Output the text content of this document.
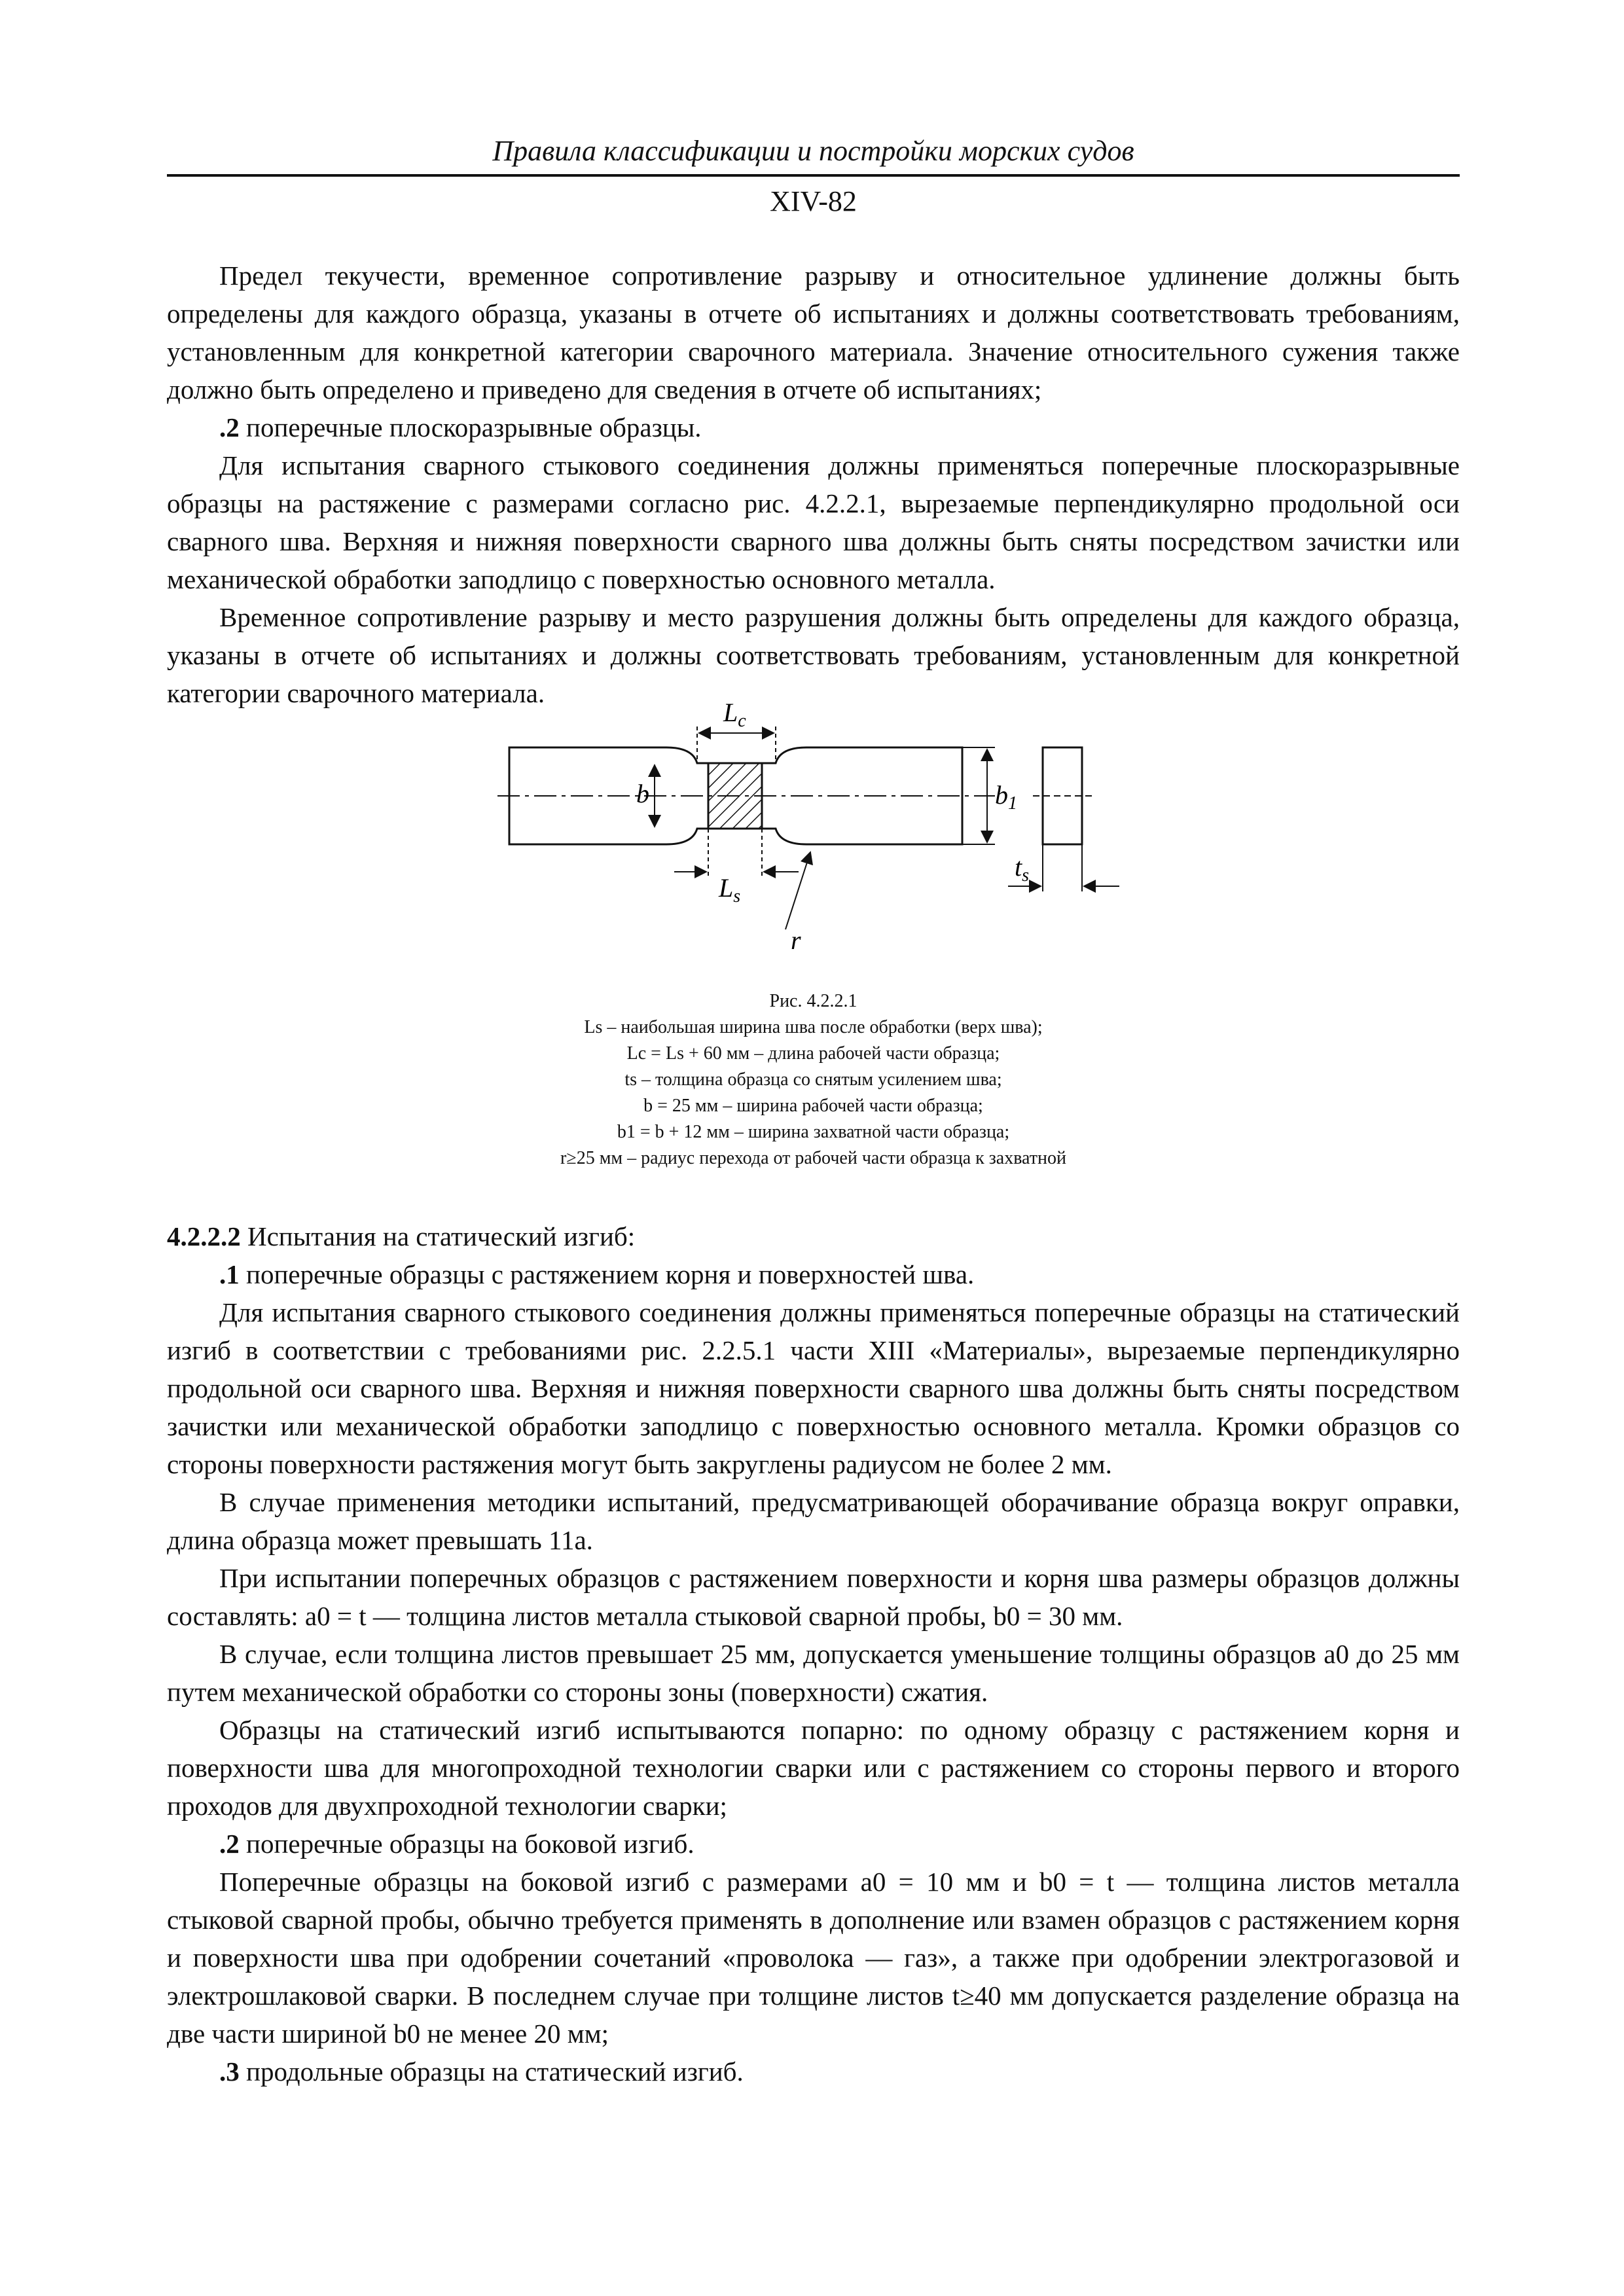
Правила классификации и постройки морских судов
XIV-82

Предел текучести, временное сопротивление разрыву и относительное удлинение должны быть определены для каждого образца, указаны в отчете об испытаниях и должны соответствовать требованиям, установленным для конкретной категории сварочного материала. Значение относительного сужения также должно быть определено и приведено для сведения в отчете об испытаниях;

.2 поперечные плоскоразрывные образцы.

Для испытания сварного стыкового соединения должны применяться поперечные плоскоразрывные образцы на растяжение с размерами согласно рис. 4.2.2.1, вырезаемые перпендикулярно продольной оси сварного шва. Верхняя и нижняя поверхности сварного шва должны быть сняты посредством зачистки или механической обработки заподлицо с поверхностью основного металла.

Временное сопротивление разрыву и место разрушения должны быть определены для каждого образца, указаны в отчете об испытаниях и должны соответствовать требованиям, установленным для конкретной категории сварочного материала.

$L_c$
$L_s$
b	$b_1$
r
$t_s$
Рис. 4.2.2.1
Ls – наибольшая ширина шва после обработки (верх шва);
Lc = Ls + 60 мм – длина рабочей части образца;
ts – толщина образца со снятым усилением шва;
b = 25 мм – ширина рабочей части образца;
b1 = b + 12 мм – ширина захватной части образца;
r≥25 мм – радиус перехода от рабочей части образца к захватной

4.2.2.2 Испытания на статический изгиб:

.1 поперечные образцы с растяжением корня и поверхностей шва.

Для испытания сварного стыкового соединения должны применяться поперечные образцы на статический изгиб в соответствии с требованиями рис. 2.2.5.1 части XIII «Материалы», вырезаемые перпендикулярно продольной оси сварного шва. Верхняя и нижняя поверхности сварного шва должны быть сняты посредством зачистки или механической обработки заподлицо с поверхностью основного металла. Кромки образцов со стороны поверхности растяжения могут быть закруглены радиусом не более 2 мм.

В случае применения методики испытаний, предусматривающей оборачивание образца вокруг оправки, длина образца может превышать 11а.

При испытании поперечных образцов с растяжением поверхности и корня шва размеры образцов должны составлять: а0 = t — толщина листов металла стыковой сварной пробы, b0 = 30 мм.

В случае, если толщина листов превышает 25 мм, допускается уменьшение толщины образцов а0 до 25 мм путем механической обработки со стороны зоны (поверхности) сжатия.

Образцы на статический изгиб испытываются попарно: по одному образцу с растяжением корня и поверхности шва для многопроходной технологии сварки или с растяжением со стороны первого и второго проходов для двухпроходной технологии сварки;

.2 поперечные образцы на боковой изгиб.

Поперечные образцы на боковой изгиб с размерами а0 = 10 мм и b0 = t — толщина листов металла стыковой сварной пробы, обычно требуется применять в дополнение или взамен образцов с растяжением корня и поверхности шва при одобрении сочетаний «проволока — газ», а также при одобрении электрогазовой и электрошлаковой сварки. В последнем случае при толщине листов t≥40 мм допускается разделение образца на две части шириной b0 не менее 20 мм;

.3 продольные образцы на статический изгиб.
